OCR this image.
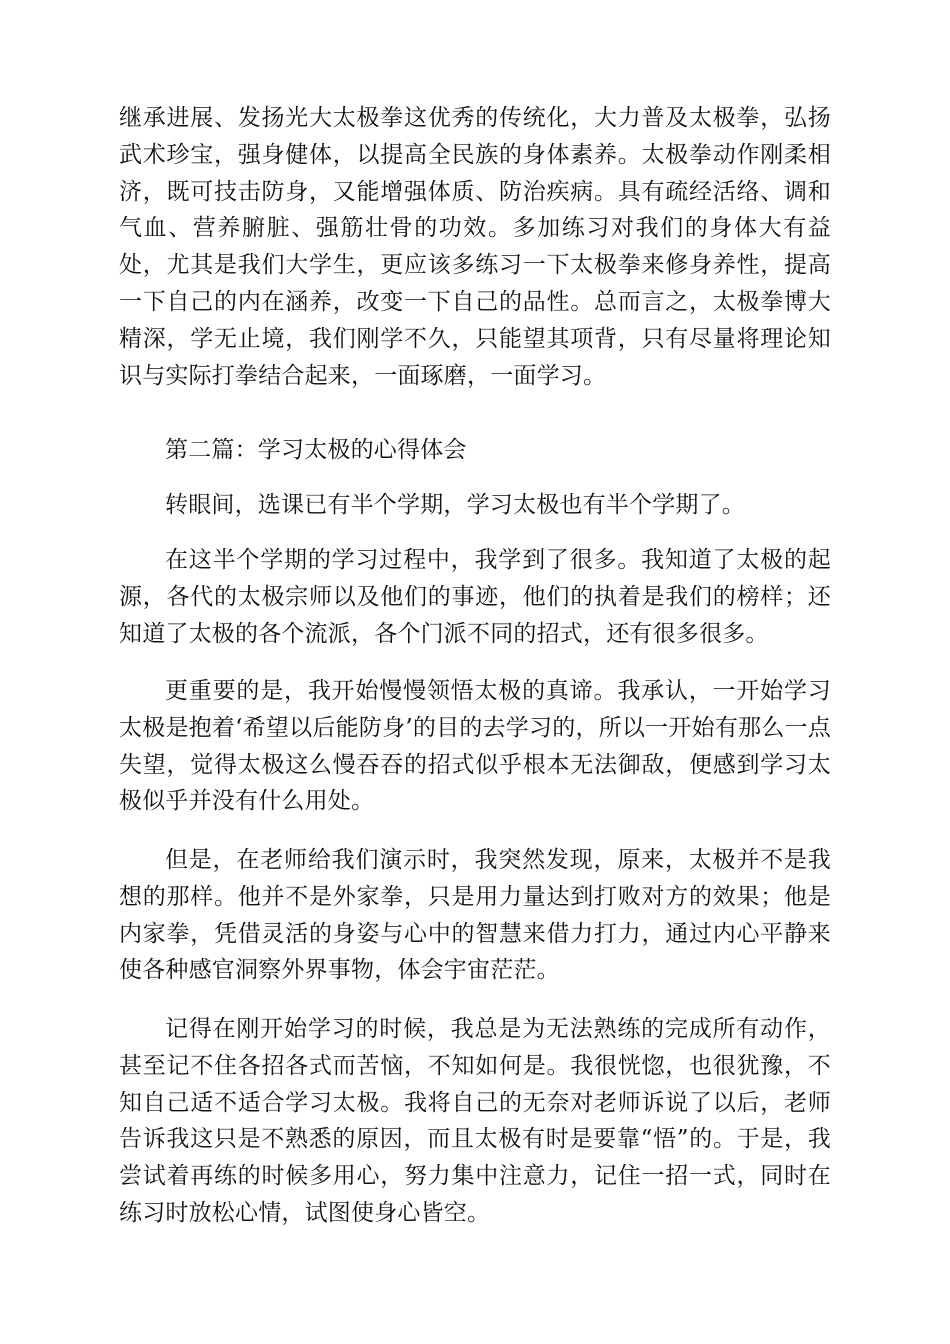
继承进展、发扬光大太极拳这优秀的传统化，大力普及太极拳，弘扬武术珍宝，强身健体，以提高全民族的身体素养。太极拳动作刚柔相济，既可技击防身，又能增强体质、防治疾病。具有疏经活络、调和气血、营养腑脏、强筋壮骨的功效。多加练习对我们的身体大有益处，尤其是我们大学生，更应该多练习一下太极拳来修身养性，提高一下自己的内在涵养，改变一下自己的品性。总而言之，太极拳博大精深，学无止境，我们刚学不久，只能望其项背，只有尽量将理论知识与实际打拳结合起来，一面琢磨，一面学习。

第二篇：学习太极的心得体会

转眼间，选课已有半个学期，学习太极也有半个学期了。

在这半个学期的学习过程中，我学到了很多。我知道了太极的起源，各代的太极宗师以及他们的事迹，他们的执着是我们的榜样；还知道了太极的各个流派，各个门派不同的招式，还有很多很多。

更重要的是，我开始慢慢领悟太极的真谛。我承认，一开始学习太极是抱着‘希望以后能防身’的目的去学习的，所以一开始有那么一点失望，觉得太极这么慢吞吞的招式似乎根本无法御敌，便感到学习太极似乎并没有什么用处。

但是，在老师给我们演示时，我突然发现，原来，太极并不是我想的那样。他并不是外家拳，只是用力量达到打败对方的效果；他是内家拳，凭借灵活的身姿与心中的智慧来借力打力，通过内心平静来使各种感官洞察外界事物，体会宇宙茫茫。

记得在刚开始学习的时候，我总是为无法熟练的完成所有动作，甚至记不住各招各式而苦恼，不知如何是。我很恍惚，也很犹豫，不知自己适不适合学习太极。我将自己的无奈对老师诉说了以后，老师告诉我这只是不熟悉的原因，而且太极有时是要靠“悟”的。于是，我尝试着再练的时候多用心，努力集中注意力，记住一招一式，同时在练习时放松心情，试图使身心皆空。
